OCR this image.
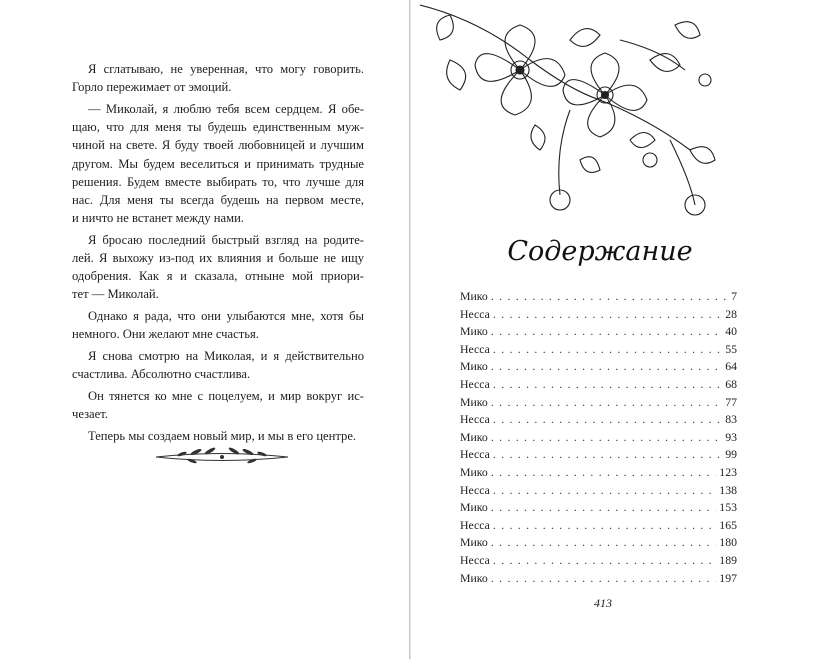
Я сглатываю, не уверенная, что могу говорить.
Горло пережимает от эмоций.
— Миколай, я люблю тебя всем сердцем. Я обе-
щаю, что для меня ты будешь единственным муж-
чиной на свете. Я буду твоей любовницей и лучшим
другом. Мы будем веселиться и принимать трудные
решения. Будем вместе выбирать то, что лучше для
нас. Для меня ты всегда будешь на первом месте,
и ничто не встанет между нами.
Я бросаю последний быстрый взгляд на родите-
лей. Я выхожу из-под их влияния и больше не ищу
одобрения. Как я и сказала, отныне мой приори-
тет — Миколай.
Однако я рада, что они улыбаются мне, хотя бы
немного. Они желают мне счастья.
Я снова смотрю на Миколая, и я действительно
счастлива. Абсолютно счастлива.
Он тянется ко мне с поцелуем, и мир вокруг ис-
чезает.
Теперь мы создаем новый мир, и мы в его центре.
Содержание
Мико . . .	7
Несса . . .	28
Мико . . .	40
Несса . . .	55
Мико . . .	64
Несса . . .	68
Мико . . .	77
Несса . . .	83
Мико . . .	93
Несса . . .	99
Мико . . .	123
Несса . . .	138
Мико . . .	153
Несса . . .	165
Мико . . .	180
Несса . . .	189
Мико . . .	197
413
